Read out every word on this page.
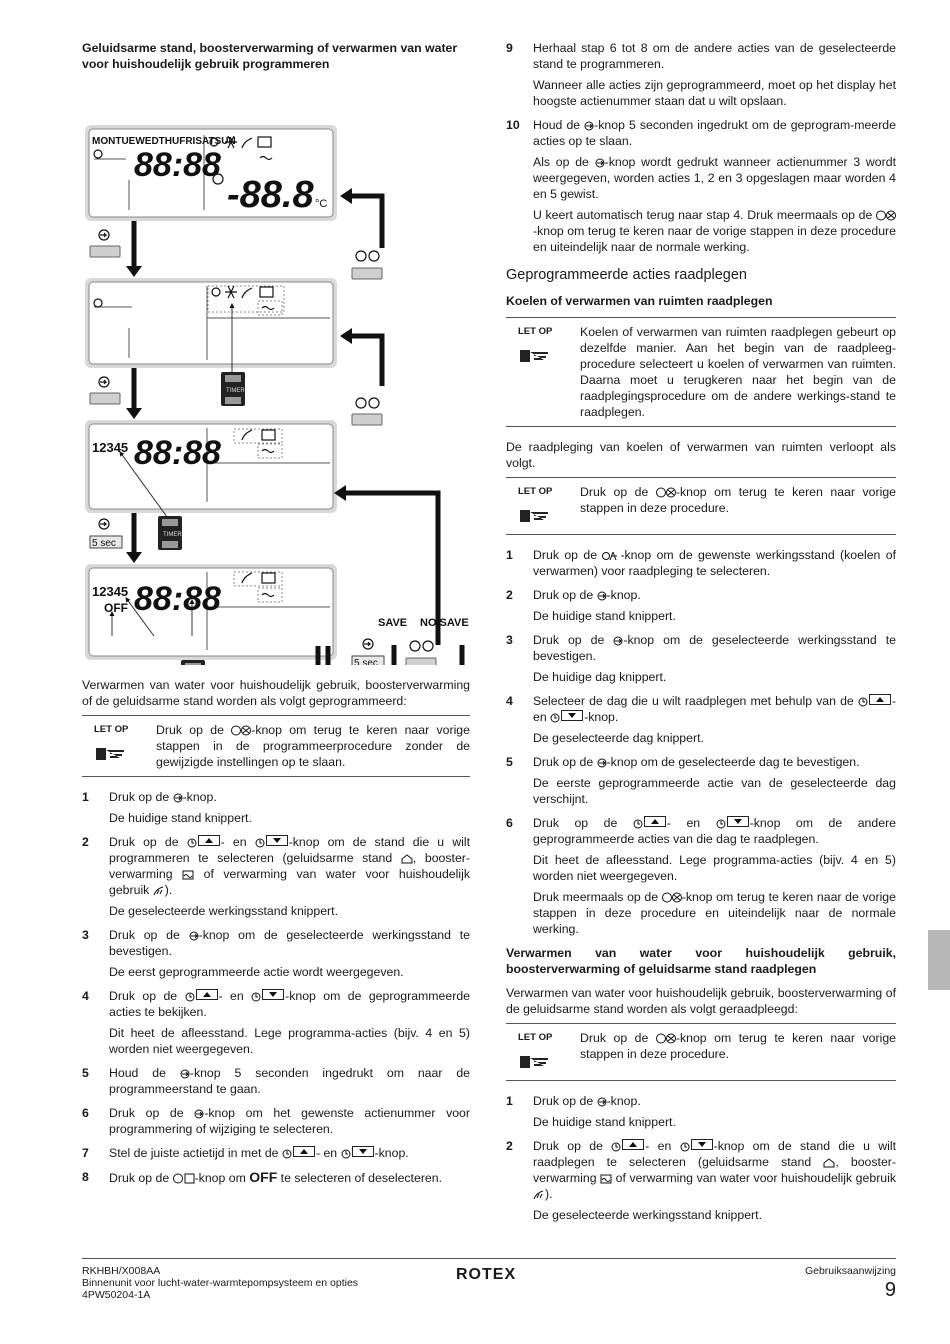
Geluidsarme stand, boosterverwarming of verwarmen van water voor huishoudelijk gebruik programmeren
MONTUEWEDTHUFRISATSUN
88:88
-88.8 °C
12345 88:88
12345
OFF 88:88
TIMER
TIMER
5 sec
5 sec
SAVE NO SAVE

Verwarmen van water voor huishoudelijk gebruik, boosterverwarming of de geluidsarme stand worden als volgt geprogrammeerd:

LET OP	Druk op de -knop om terug te keren naar vorige stappen in de programmeerprocedure zonder de gewijzigde instellingen op te slaan.
1 Druk op de -knop.

De huidige stand knippert.

2 Druk op de	- en	-knop om de stand die u wilt programmeren te selecteren (geluidsarme stand , booster-verwarming  of verwarming van water voor huishoudelijk gebruik ).

De geselecteerde werkingsstand knippert.

3 Druk op de -knop om de geselecteerde werkingsstand te bevestigen.

De eerst geprogrammeerde actie wordt weergegeven.

4 Druk op de	- en	-knop om de geprogrammeerde acties te bekijken.

Dit heet de afleesstand. Lege programma-acties (bijv. 4 en 5) worden niet weergegeven.

5 Houd de -knop 5 seconden ingedrukt om naar de programmeerstand te gaan.

6 Druk op de -knop om het gewenste actienummer voor programmering of wijziging te selecteren.

7 Stel de juiste actietijd in met de	- en	-knop.

8 Druk op de -knop om OFF te selecteren of deselecteren.

9 Herhaal stap 6 tot 8 om de andere acties van de geselecteerde stand te programmeren.

Wanneer alle acties zijn geprogrammeerd, moet op het display het hoogste actienummer staan dat u wilt opslaan.

10 Houd de -knop 5 seconden ingedrukt om de geprogram-meerde acties op te slaan.

Als op de -knop wordt gedrukt wanneer actienummer 3 wordt weergegeven, worden acties 1, 2 en 3 opgeslagen maar worden 4 en 5 gewist.

U keert automatisch terug naar stap 4. Druk meermaals op de -knop om terug te keren naar de vorige stappen in deze procedure en uiteindelijk naar de normale werking.

Geprogrammeerde acties raadplegen
Koelen of verwarmen van ruimten raadplegen
LET OP	Koelen of verwarmen van ruimten raadplegen gebeurt op dezelfde manier. Aan het begin van de raadpleeg-procedure selecteert u koelen of verwarmen van ruimten. Daarna moet u terugkeren naar het begin van de raadplegingsprocedure om de andere werkings-stand te raadplegen.

De raadpleging van koelen of verwarmen van ruimten verloopt als volgt.

LET OP	Druk op de -knop om terug te keren naar vorige stappen in deze procedure.
1 Druk op de -knop om de gewenste werkingsstand (koelen of verwarmen) voor raadpleging te selecteren.

2 Druk op de -knop.

De huidige stand knippert.

3 Druk op de -knop om de geselecteerde werkingsstand te bevestigen.

De huidige dag knippert.

4 Selecteer de dag die u wilt raadplegen met behulp van de	- en	-knop.

De geselecteerde dag knippert.

5 Druk op de -knop om de geselecteerde dag te bevestigen.

De eerste geprogrammeerde actie van de geselecteerde dag verschijnt.

6 Druk op de	- en	-knop om de andere geprogrammeerde acties van die dag te raadplegen.

Dit heet de afleesstand. Lege programma-acties (bijv. 4 en 5) worden niet weergegeven.

Druk meermaals op de -knop om terug te keren naar de vorige stappen in deze procedure en uiteindelijk naar de normale werking.

Verwarmen van water voor huishoudelijk gebruik, boosterverwarming of geluidsarme stand raadplegen

Verwarmen van water voor huishoudelijk gebruik, boosterverwarming of de geluidsarme stand worden als volgt geraadpleegd:

LET OP	Druk op de -knop om terug te keren naar vorige stappen in deze procedure.
1 Druk op de -knop.

De huidige stand knippert.

2 Druk op de	- en	-knop om de stand die u wilt raadplegen te selecteren (geluidsarme stand , booster-verwarming  of verwarming van water voor huishoudelijk gebruik ).

De geselecteerde werkingsstand knippert.

RKHBH/X008AA
Binnenunit voor lucht-water-warmtepompsysteem en opties
4PW50204-1A
ROTEX	Gebruiksaanwijzing
9
